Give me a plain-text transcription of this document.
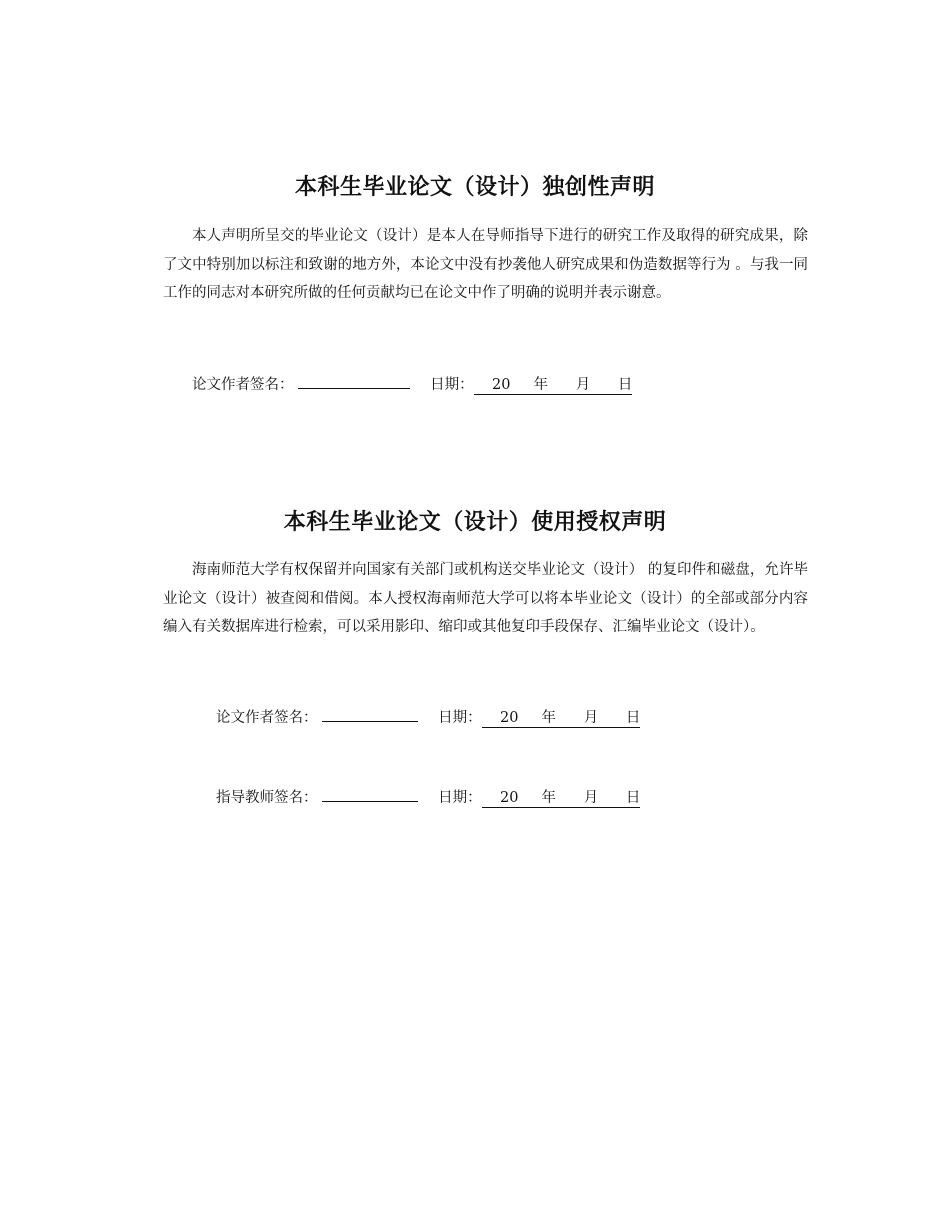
本科生毕业论文（设计）独创性声明

本人声明所呈交的毕业论文（设计）是本人在导师指导下进行的研究工作及取得的研究成果，除了文中特别加以标注和致谢的地方外，本论文中没有抄袭他人研究成果和伪造数据等行为 。与我一同工作的同志对本研究所做的任何贡献均已在论文中作了明确的说明并表示谢意。

论文作者签名：	日期：    20     年      月      日
本科生毕业论文（设计）使用授权声明

海南师范大学有权保留并向国家有关部门或机构送交毕业论文（设计） 的复印件和磁盘，允许毕业论文（设计）被查阅和借阅。本人授权海南师范大学可以将本毕业论文（设计）的全部或部分内容编入有关数据库进行检索，可以采用影印、缩印或其他复印手段保存、汇编毕业论文（设计）。

论文作者签名：	日期：    20     年      月      日
指导教师签名：	日期：    20     年      月      日
